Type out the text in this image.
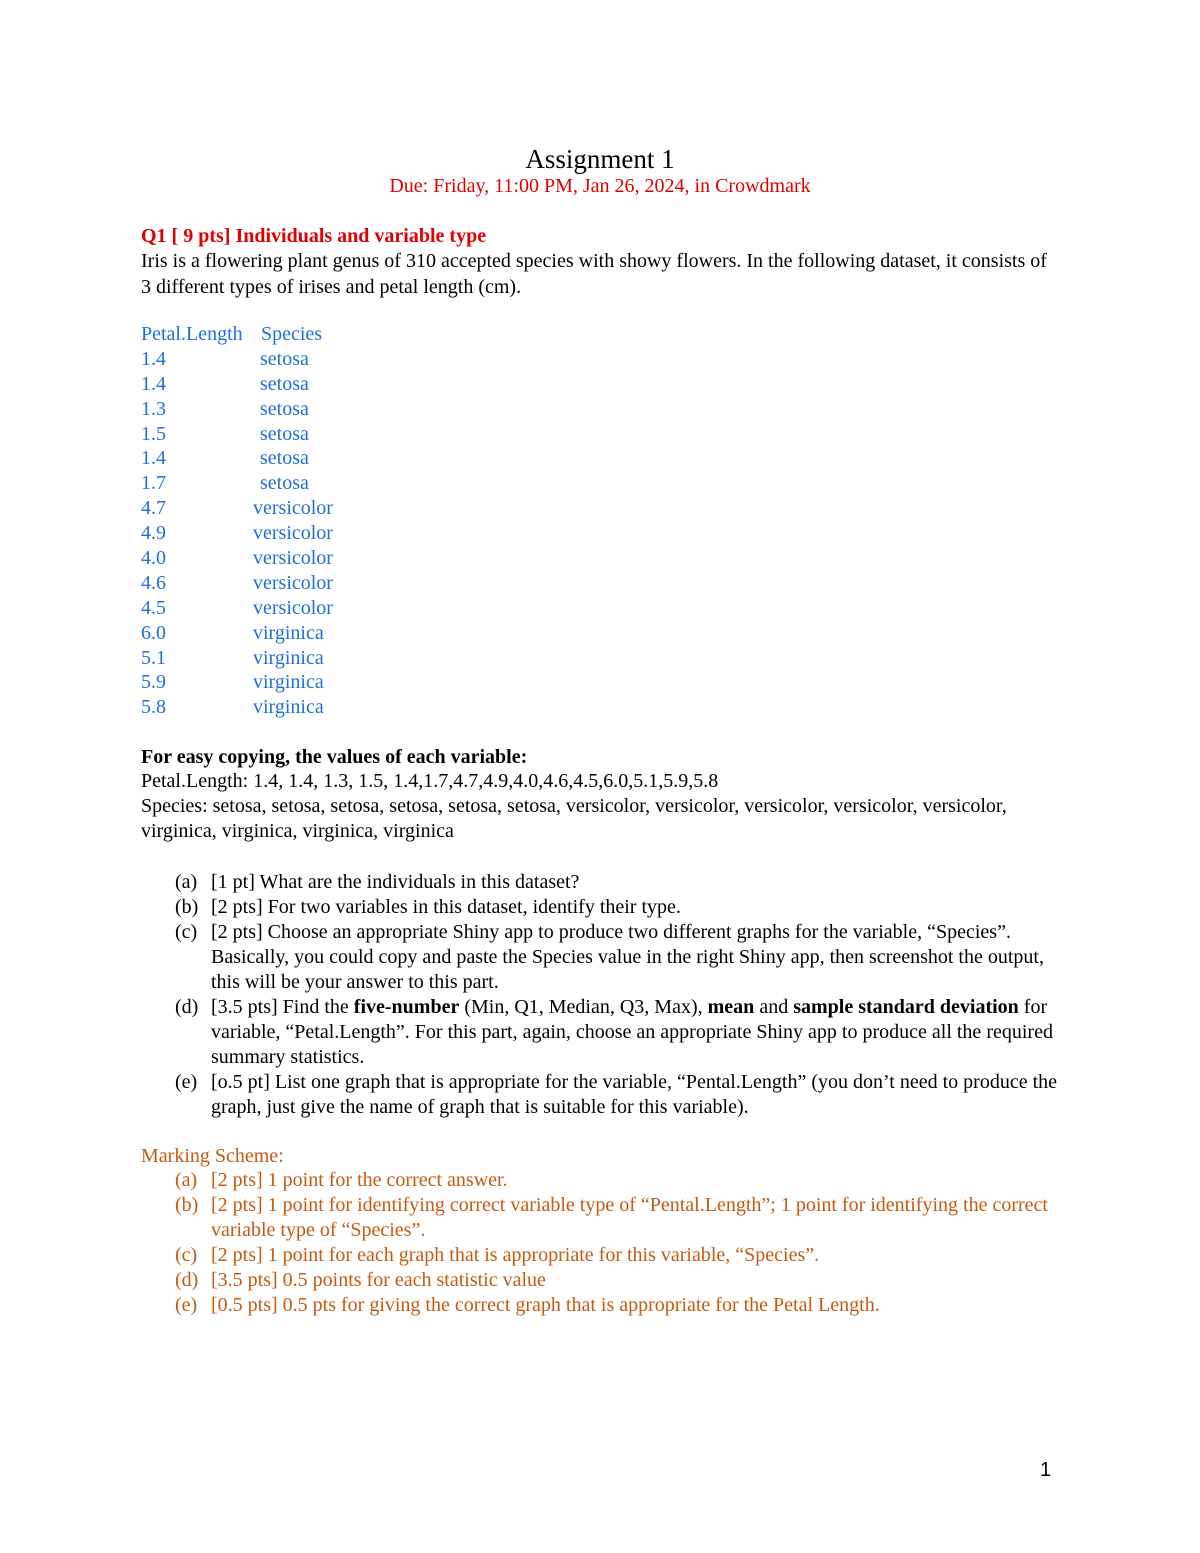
Assignment 1
Due: Friday, 11:00 PM, Jan 26, 2024, in Crowdmark
Q1 [ 9 pts] Individuals and variable type
Iris is a flowering plant genus of 310 accepted species with showy flowers. In the following dataset, it consists of 3 different types of irises and petal length (cm).
Petal.Length Species
1.4	setosa
1.4	setosa
1.3	setosa
1.5	setosa
1.4	setosa
1.7	setosa
4.7	versicolor
4.9	versicolor
4.0	versicolor
4.6	versicolor
4.5	versicolor
6.0	virginica
5.1	virginica
5.9	virginica
5.8	virginica
For easy copying, the values of each variable:
Petal.Length: 1.4, 1.4, 1.3, 1.5, 1.4,1.7,4.7,4.9,4.0,4.6,4.5,6.0,5.1,5.9,5.8
Species: setosa, setosa, setosa, setosa, setosa, setosa, versicolor, versicolor, versicolor, versicolor, versicolor, virginica, virginica, virginica, virginica
(a) [1 pt] What are the individuals in this dataset?
(b) [2 pts] For two variables in this dataset, identify their type.
(c) [2 pts] Choose an appropriate Shiny app to produce two different graphs for the variable, “Species”. Basically, you could copy and paste the Species value in the right Shiny app, then screenshot the output, this will be your answer to this part.
(d) [3.5 pts] Find the five-number (Min, Q1, Median, Q3, Max), mean and sample standard deviation for variable, “Petal.Length”. For this part, again, choose an appropriate Shiny app to produce all the required summary statistics.
(e) [o.5 pt] List one graph that is appropriate for the variable, “Pental.Length” (you don’t need to produce the graph, just give the name of graph that is suitable for this variable).
Marking Scheme:
(a) [2 pts] 1 point for the correct answer.
(b) [2 pts] 1 point for identifying correct variable type of “Pental.Length”; 1 point for identifying the correct variable type of “Species”.
(c) [2 pts] 1 point for each graph that is appropriate for this variable, “Species”.
(d) [3.5 pts] 0.5 points for each statistic value
(e) [0.5 pts] 0.5 pts for giving the correct graph that is appropriate for the Petal Length.
1
